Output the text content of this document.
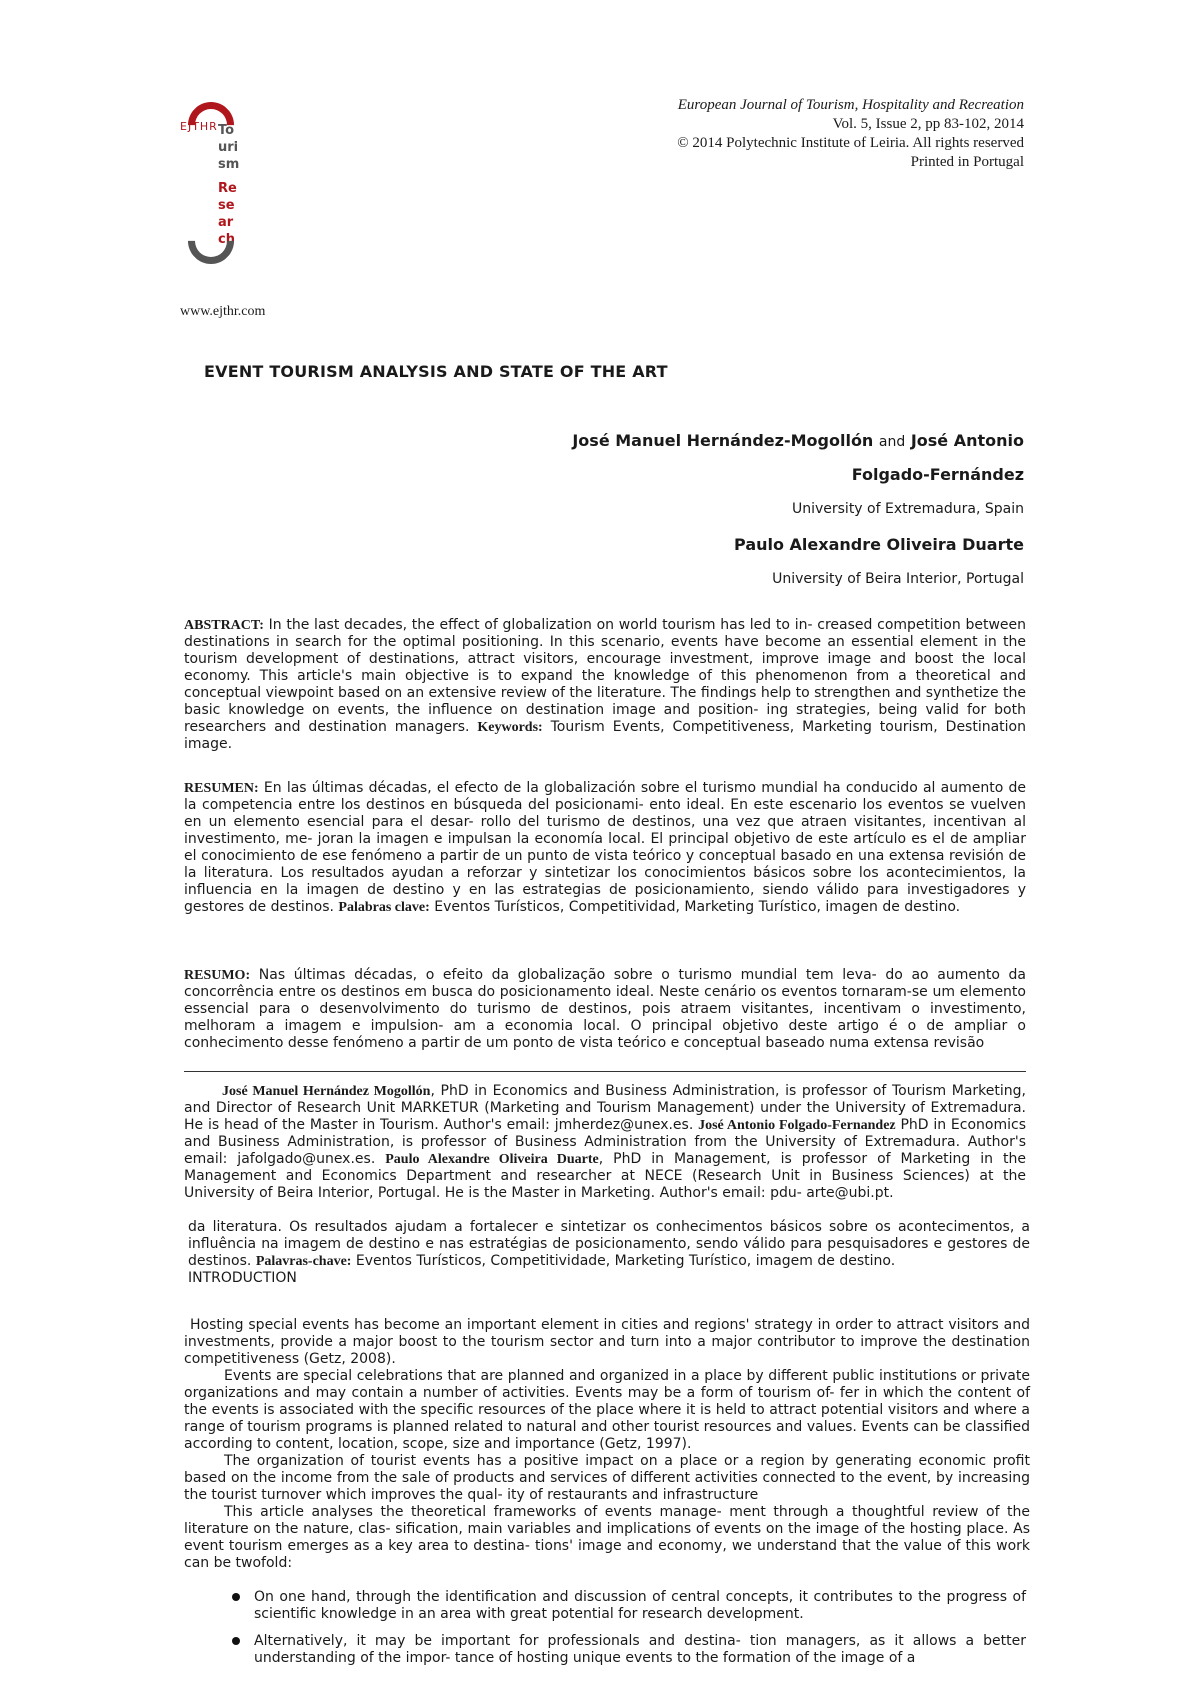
EJTHR To uri sm
Re se ar ch
European Journal of Tourism, Hospitality and Recreation
Vol. 5, Issue 2, pp 83-102, 2014
© 2014 Polytechnic Institute of Leiria. All rights reserved
Printed in Portugal
www.ejthr.com
EVENT TOURISM ANALYSIS AND STATE OF THE ART
José Manuel Hernández-Mogollón and José Antonio
Folgado-Fernández
University of Extremadura, Spain
Paulo Alexandre Oliveira Duarte
University of Beira Interior, Portugal
ABSTRACT: In the last decades, the effect of globalization on world tourism has led to in- creased competition between destinations in search for the optimal positioning. In this scenario, events have become an essential element in the tourism development of destinations, attract visitors, encourage investment, improve image and boost the local economy. This article's main objective is to expand the knowledge of this phenomenon from a theoretical and conceptual viewpoint based on an extensive review of the literature. The findings help to strengthen and synthetize the basic knowledge on events, the influence on destination image and position- ing strategies, being valid for both researchers and destination managers. Keywords: Tourism Events, Competitiveness, Marketing tourism, Destination image.
RESUMEN: En las últimas décadas, el efecto de la globalización sobre el turismo mundial ha conducido al aumento de la competencia entre los destinos en búsqueda del posicionami- ento ideal. En este escenario los eventos se vuelven en un elemento esencial para el desar- rollo del turismo de destinos, una vez que atraen visitantes, incentivan al investimento, me- joran la imagen e impulsan la economía local. El principal objetivo de este artículo es el de ampliar el conocimiento de ese fenómeno a partir de un punto de vista teórico y conceptual basado en una extensa revisión de la literatura. Los resultados ayudan a reforzar y sintetizar los conocimientos básicos sobre los acontecimientos, la influencia en la imagen de destino y en las estrategias de posicionamiento, siendo válido para investigadores y gestores de destinos. Palabras clave: Eventos Turísticos, Competitividad, Marketing Turístico, imagen de destino.
RESUMO: Nas últimas décadas, o efeito da globalização sobre o turismo mundial tem leva- do ao aumento da concorrência entre os destinos em busca do posicionamento ideal. Neste cenário os eventos tornaram-se um elemento essencial para o desenvolvimento do turismo de destinos, pois atraem visitantes, incentivam o investimento, melhoram a imagem e impulsion- am a economia local. O principal objetivo deste artigo é o de ampliar o conhecimento desse fenómeno a partir de um ponto de vista teórico e conceptual baseado numa extensa revisão
José Manuel Hernández Mogollón, PhD in Economics and Business Administration, is professor of Tourism Marketing, and Director of Research Unit MARKETUR (Marketing and Tourism Management) under the University of Extremadura. He is head of the Master in Tourism. Author's email: jmherdez@unex.es. José Antonio Folgado-Fernandez PhD in Economics and Business Administration, is professor of Business Administration from the University of Extremadura. Author's email: jafolgado@unex.es. Paulo Alexandre Oliveira Duarte, PhD in Management, is professor of Marketing in the Management and Economics Department and researcher at NECE (Research Unit in Business Sciences) at the University of Beira Interior, Portugal. He is the Master in Marketing. Author's email: pdu- arte@ubi.pt.
da literatura. Os resultados ajudam a fortalecer e sintetizar os conhecimentos básicos sobre os acontecimentos, a influência na imagem de destino e nas estratégias de posicionamento, sendo válido para pesquisadores e gestores de destinos. Palavras-chave: Eventos Turísticos, Competitividade, Marketing Turístico, imagem de destino.
INTRODUCTION

Hosting special events has become an important element in cities and regions' strategy in order to attract visitors and investments, provide a major boost to the tourism sector and turn into a major contributor to improve the destination competitiveness (Getz, 2008).

Events are special celebrations that are planned and organized in a place by different public institutions or private organizations and may contain a number of activities. Events may be a form of tourism of- fer in which the content of the events is associated with the specific resources of the place where it is held to attract potential visitors and where a range of tourism programs is planned related to natural and other tourist resources and values. Events can be classified according to content, location, scope, size and importance (Getz, 1997).

The organization of tourist events has a positive impact on a place or a region by generating economic profit based on the income from the sale of products and services of different activities connected to the event, by increasing the tourist turnover which improves the qual- ity of restaurants and infrastructure

This article analyses the theoretical frameworks of events manage- ment through a thoughtful review of the literature on the nature, clas- sification, main variables and implications of events on the image of the hosting place. As event tourism emerges as a key area to destina- tions' image and economy, we understand that the value of this work can be twofold:

On one hand, through the identification and discussion of central concepts, it contributes to the progress of scientific knowledge in an area with great potential for research development.
Alternatively, it may be important for professionals and destina- tion managers, as it allows a better understanding of the impor- tance of hosting unique events to the formation of the image of a
